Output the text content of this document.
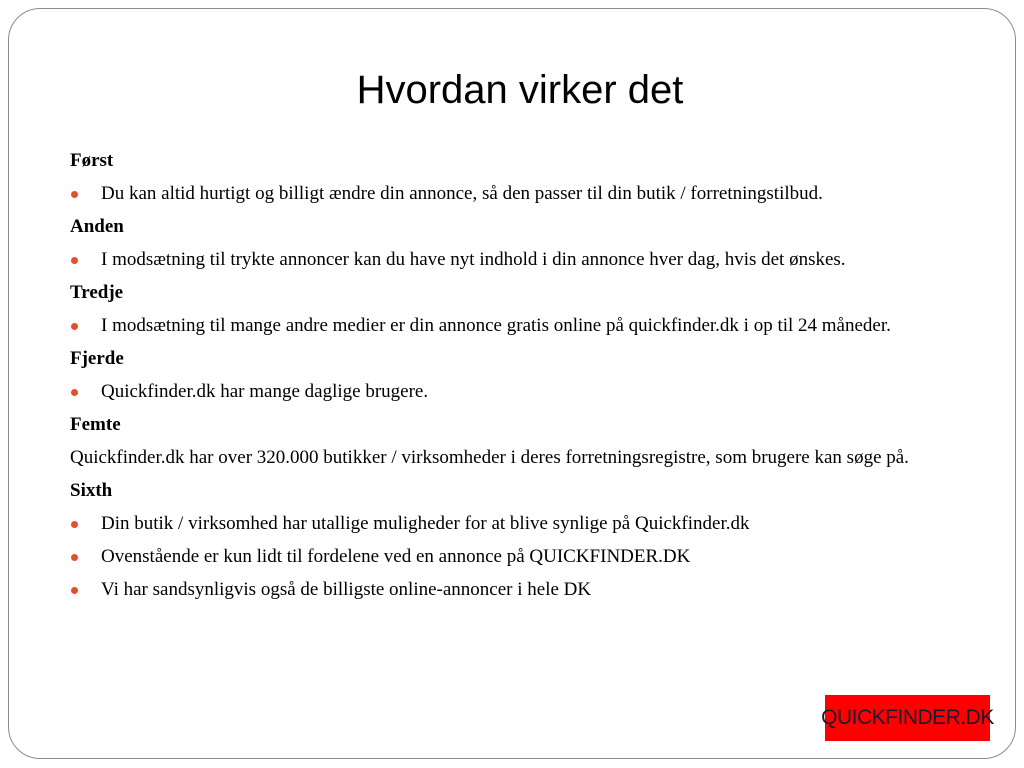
Hvordan virker det
Først
Du kan altid hurtigt og billigt ændre din annonce, så den passer til din butik / forretningstilbud.
Anden
I modsætning til trykte annoncer kan du have nyt indhold i din annonce hver dag, hvis det ønskes.
Tredje
I modsætning til mange andre medier er din annonce gratis online på quickfinder.dk i op til 24 måneder.
Fjerde
Quickfinder.dk har mange daglige brugere.
Femte
Quickfinder.dk har over 320.000 butikker / virksomheder i deres forretningsregistre, som brugere kan søge på.
Sixth
Din butik / virksomhed har utallige muligheder for at blive synlige på Quickfinder.dk
Ovenstående er kun lidt til fordelene ved en annonce på QUICKFINDER.DK
Vi har sandsynligvis også de billigste online-annoncer i hele DK
QUICKFINDER.DK
